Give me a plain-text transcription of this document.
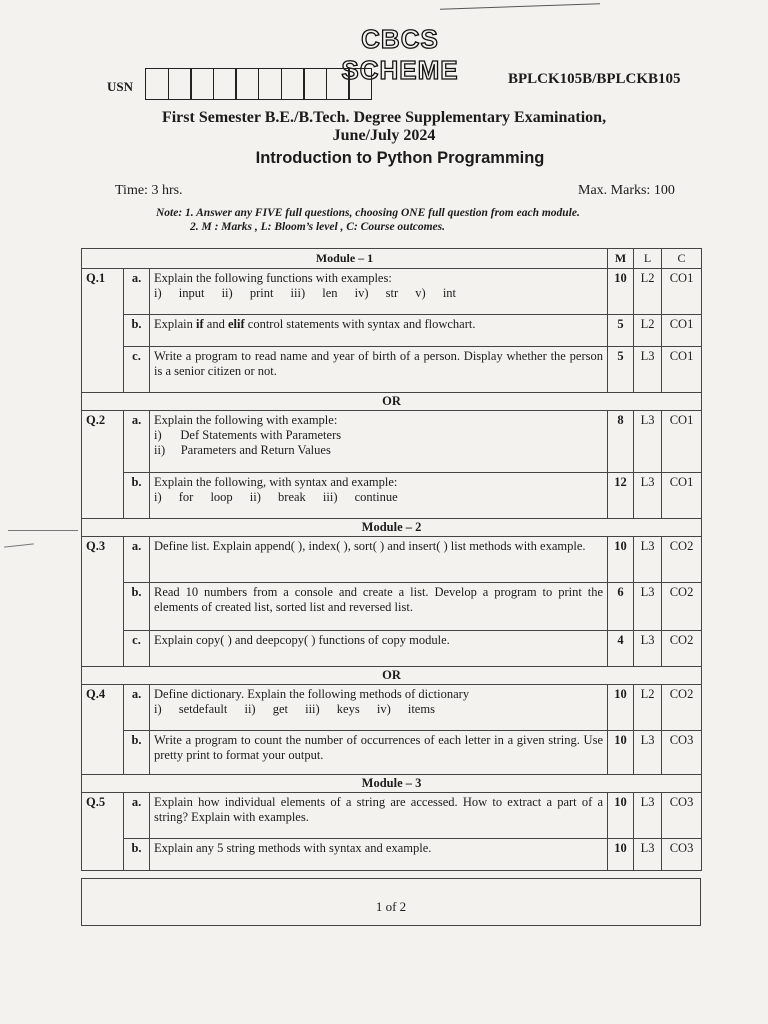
CBCS SCHEME
USN	BPLCK105B/BPLCKB105
First Semester B.E./B.Tech. Degree Supplementary Examination,
June/July 2024
Introduction to Python Programming
Time: 3 hrs.	Max. Marks: 100
Note: 1. Answer any FIVE full questions, choosing ONE full question from each module.
2. M : Marks , L: Bloom’s level , C: Course outcomes.
Module – 1			M	L	C
Q.1	a.	Explain the following functions with examples:
i) input ii) print iii) len iv) str v) int	10	L2	CO1
	b.	Explain if and elif control statements with syntax and flowchart.	5	L2	CO1
	c.	Write a program to read name and year of birth of a person. Display whether the person is a senior citizen or not.	5	L3	CO1
OR					
Q.2	a.	Explain the following with example:
i)      Def Statements with Parameters
ii)     Parameters and Return Values	8	L3	CO1
	b.	Explain the following, with syntax and example:
i) for loop ii) break iii) continue	12	L3	CO1
Module – 2					
Q.3	a.	Define list. Explain append( ), index( ), sort( ) and insert( ) list methods with example.	10	L3	CO2
	b.	Read 10 numbers from a console and create a list. Develop a program to print the elements of created list, sorted list and reversed list.	6	L3	CO2
	c.	Explain copy( ) and deepcopy( ) functions of copy module.	4	L3	CO2
OR					
Q.4	a.	Define dictionary. Explain the following methods of dictionary
i) setdefault ii) get iii) keys iv) items	10	L2	CO2
	b.	Write a program to count the number of occurrences of each letter in a given string. Use pretty print to format your output.	10	L3	CO3
Module – 3					
Q.5	a.	Explain how individual elements of a string are accessed. How to extract a part of a string? Explain with examples.	10	L3	CO3
	b.	Explain any 5 string methods with syntax and example.	10	L3	CO3
1 of 2
